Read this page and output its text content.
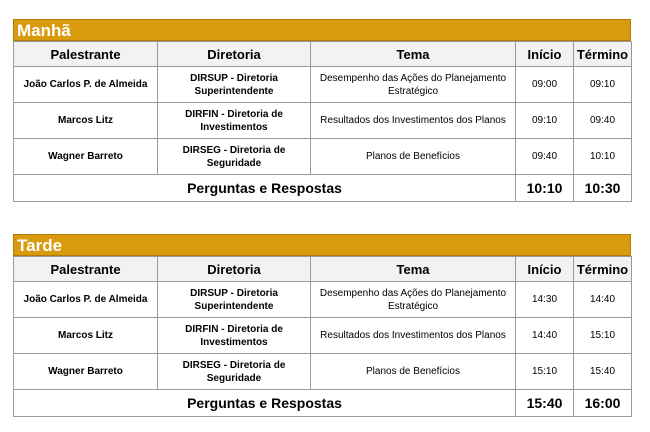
Manhã
Palestrante	Diretoria	Tema	Início	Término
João Carlos P. de Almeida	DIRSUP - Diretoria Superintendente	Desempenho das Ações do Planejamento Estratégico	09:00	09:10
Marcos Litz	DIRFIN - Diretoria de Investimentos	Resultados dos Investimentos dos Planos	09:10	09:40
Wagner Barreto	DIRSEG - Diretoria de Seguridade	Planos de Benefícios	09:40	10:10
Perguntas e Respostas			10:10	10:30
Tarde
Palestrante	Diretoria	Tema	Início	Término
João Carlos P. de Almeida	DIRSUP - Diretoria Superintendente	Desempenho das Ações do Planejamento Estratégico	14:30	14:40
Marcos Litz	DIRFIN - Diretoria de Investimentos	Resultados dos Investimentos dos Planos	14:40	15:10
Wagner Barreto	DIRSEG - Diretoria de Seguridade	Planos de Benefícios	15:10	15:40
Perguntas e Respostas			15:40	16:00
